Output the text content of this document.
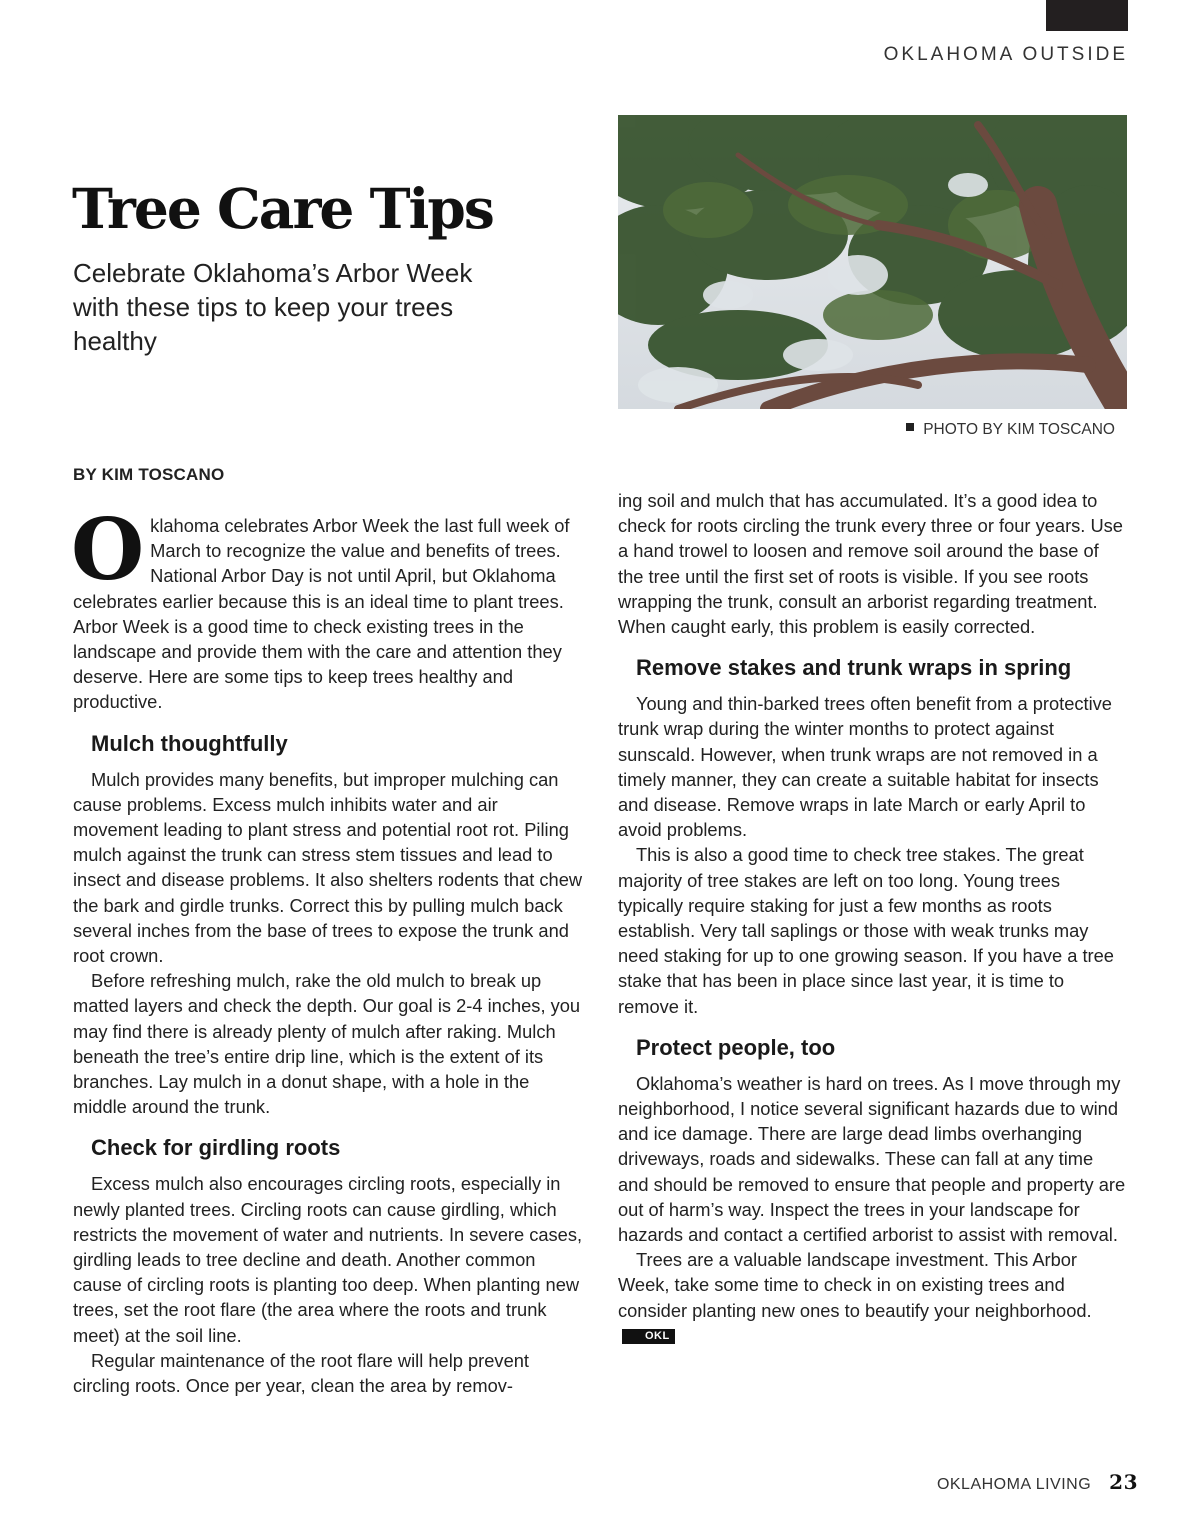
OKLAHOMA OUTSIDE
Tree Care Tips

Celebrate Oklahoma’s Arbor Week with these tips to keep your trees healthy

PHOTO BY KIM TOSCANO
BY KIM TOSCANO

Oklahoma celebrates Arbor Week the last full week of March to recognize the value and benefits of trees. National Arbor Day is not until April, but Oklahoma celebrates earlier because this is an ideal time to plant trees. Arbor Week is a good time to check existing trees in the landscape and provide them with the care and attention they deserve. Here are some tips to keep trees healthy and productive.

Mulch thoughtfully

Mulch provides many benefits, but improper mulching can cause problems. Excess mulch inhibits water and air movement leading to plant stress and potential root rot. Piling mulch against the trunk can stress stem tissues and lead to insect and disease problems. It also shelters rodents that chew the bark and girdle trunks. Correct this by pulling mulch back several inches from the base of trees to expose the trunk and root crown.

Before refreshing mulch, rake the old mulch to break up matted layers and check the depth. Our goal is 2-4 inches, you may find there is already plenty of mulch after raking. Mulch beneath the tree’s entire drip line, which is the extent of its branches. Lay mulch in a donut shape, with a hole in the middle around the trunk.

Check for girdling roots

Excess mulch also encourages circling roots, especially in newly planted trees. Circling roots can cause girdling, which restricts the movement of water and nutrients. In severe cases, girdling leads to tree decline and death. Another common cause of circling roots is planting too deep. When planting new trees, set the root flare (the area where the roots and trunk meet) at the soil line.

Regular maintenance of the root flare will help prevent circling roots. Once per year, clean the area by remov-

ing soil and mulch that has accumulated. It’s a good idea to check for roots circling the trunk every three or four years. Use a hand trowel to loosen and remove soil around the base of the tree until the first set of roots is visible. If you see roots wrapping the trunk, consult an arborist regarding treatment. When caught early, this problem is easily corrected.

Remove stakes and trunk wraps in spring

Young and thin-barked trees often benefit from a protective trunk wrap during the winter months to protect against sunscald. However, when trunk wraps are not removed in a timely manner, they can create a suitable habitat for insects and disease. Remove wraps in late March or early April to avoid problems.

This is also a good time to check tree stakes. The great majority of tree stakes are left on too long. Young trees typically require staking for just a few months as roots establish. Very tall saplings or those with weak trunks may need staking for up to one growing season. If you have a tree stake that has been in place since last year, it is time to remove it.

Protect people, too

Oklahoma’s weather is hard on trees. As I move through my neighborhood, I notice several significant hazards due to wind and ice damage. There are large dead limbs overhanging driveways, roads and sidewalks. These can fall at any time and should be removed to ensure that people and property are out of harm’s way. Inspect the trees in your landscape for hazards and contact a certified arborist to assist with removal.

Trees are a valuable landscape investment. This Arbor Week, take some time to check in on existing trees and consider planting new ones to beautify your neighborhood.OKL

OKLAHOMA LIVING 23
